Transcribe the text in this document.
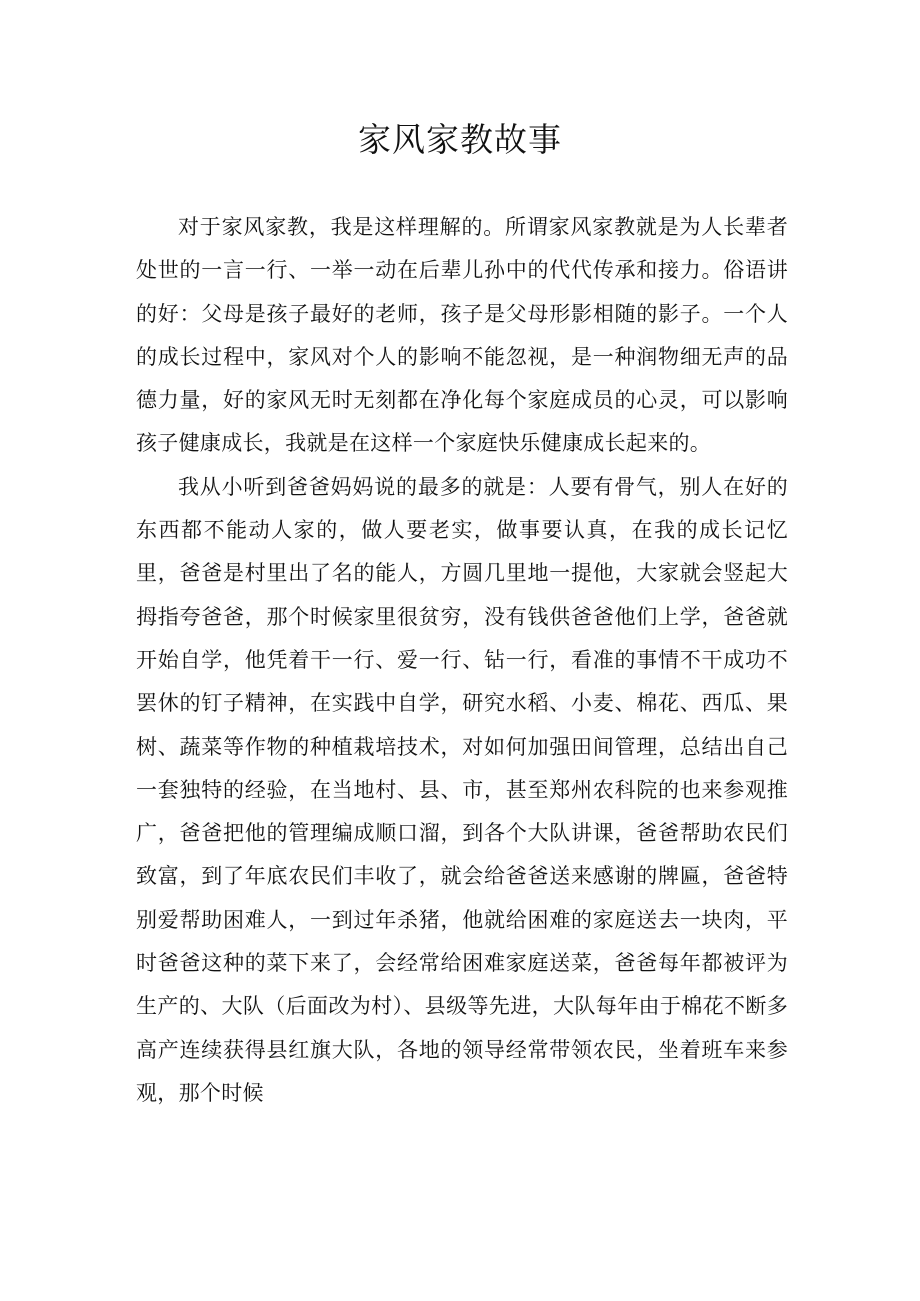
家风家教故事

对于家风家教，我是这样理解的。所谓家风家教就是为人长辈者处世的一言一行、一举一动在后辈儿孙中的代代传承和接力。俗语讲的好：父母是孩子最好的老师，孩子是父母形影相随的影子。一个人的成长过程中，家风对个人的影响不能忽视，是一种润物细无声的品德力量，好的家风无时无刻都在净化每个家庭成员的心灵，可以影响孩子健康成长，我就是在这样一个家庭快乐健康成长起来的。

我从小听到爸爸妈妈说的最多的就是：人要有骨气，别人在好的东西都不能动人家的，做人要老实，做事要认真，在我的成长记忆里，爸爸是村里出了名的能人，方圆几里地一提他，大家就会竖起大拇指夸爸爸，那个时候家里很贫穷，没有钱供爸爸他们上学，爸爸就开始自学，他凭着干一行、爱一行、钻一行，看准的事情不干成功不罢休的钉子精神，在实践中自学，研究水稻、小麦、棉花、西瓜、果树、蔬菜等作物的种植栽培技术，对如何加强田间管理，总结出自己一套独特的经验，在当地村、县、市，甚至郑州农科院的也来参观推广，爸爸把他的管理编成顺口溜，到各个大队讲课，爸爸帮助农民们致富，到了年底农民们丰收了，就会给爸爸送来感谢的牌匾，爸爸特别爱帮助困难人，一到过年杀猪，他就给困难的家庭送去一块肉，平时爸爸这种的菜下来了，会经常给困难家庭送菜，爸爸每年都被评为生产的、大队（后面改为村）、县级等先进，大队每年由于棉花不断多高产连续获得县红旗大队，各地的领导经常带领农民，坐着班车来参观，那个时候
